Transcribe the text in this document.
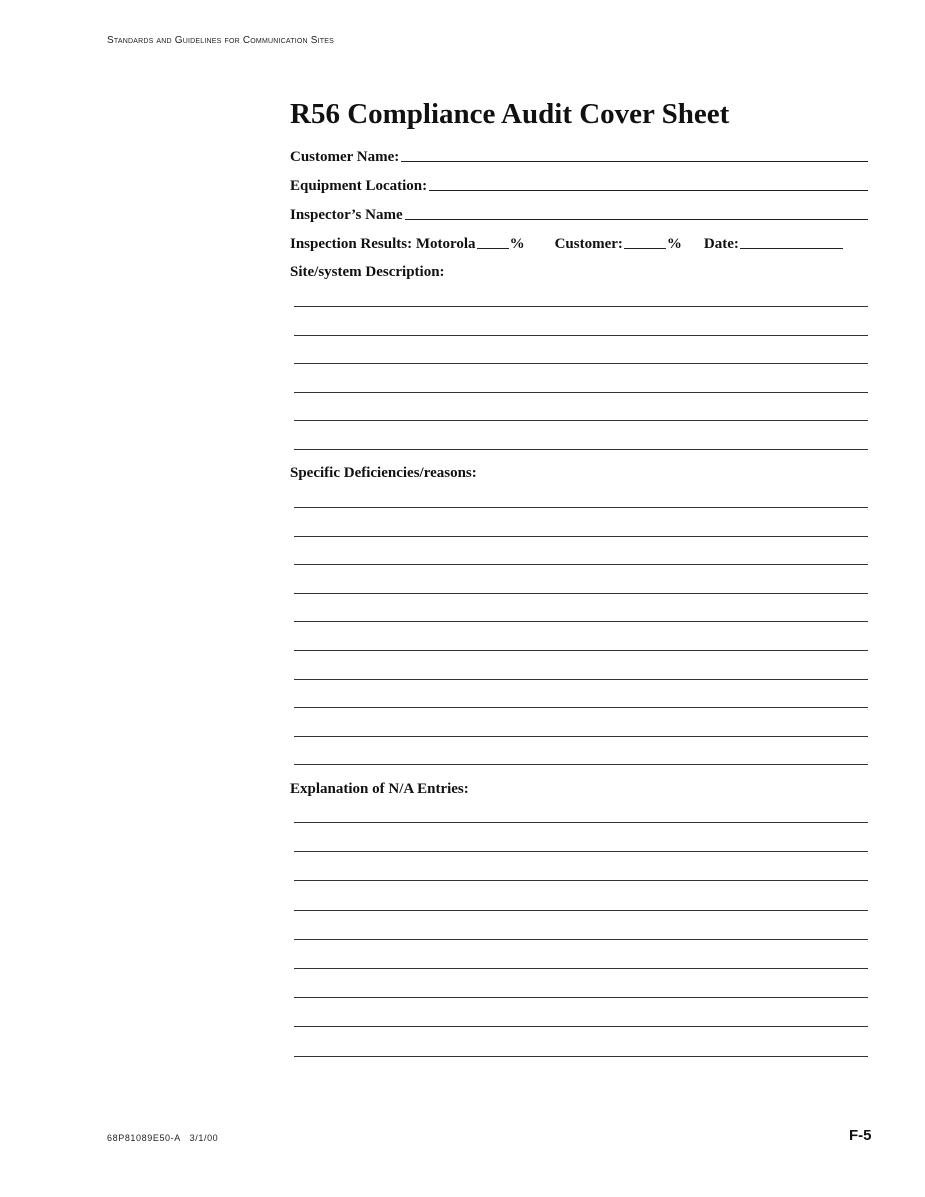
Standards and Guidelines for Communication Sites
R56 Compliance Audit Cover Sheet
Customer Name:
Equipment Location:
Inspector’s Name
Inspection Results: Motorola % Customer:	% Date:
Site/system Description:
Specific Deficiencies/reasons:
Explanation of N/A Entries:
68P81089E50-A   3/1/00	F-5
